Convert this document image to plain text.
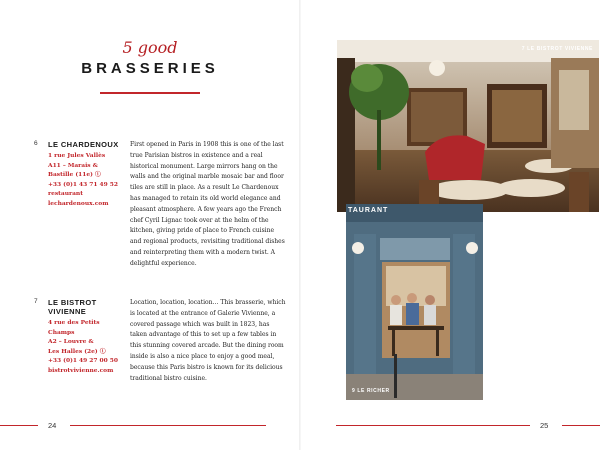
5 good
BRASSERIES
6 LE CHARDENOUX
1 rue Jules Vallès
A11 – Marais &
Bastille (11e) ⓘ
+33 (0)1 43 71 49 52
restaurant
lechardenoux.com
First opened in Paris in 1908 this is one of the last true Parisian bistros in existence and a real historical monument. Large mirrors hang on the walls and the original marble mosaic bar and floor tiles are still in place. As a result Le Chardenoux has managed to retain its old world elegance and pleasant atmosphere. A few years ago the French chef Cyril Lignac took over at the helm of the kitchen, giving pride of place to French cuisine and regional products, revisiting traditional dishes and reinterpreting them with a modern twist. A delightful experience.
7 LE BISTROT VIVIENNE
4 rue des Petits
Champs
A2 – Louvre &
Les Halles (2e) ⓘ
+33 (0)1 49 27 00 50
bistrotvivienne.com
Location, location, location… This brasserie, which is located at the entrance of Galerie Vivienne, a covered passage which was built in 1823, has taken advantage of this to set up a few tables in this stunning covered arcade. But the dining room inside is also a nice place to enjoy a good meal, because this Paris bistro is known for its delicious traditional bistro cuisine.
24
7 LE BISTROT VIVIENNE
TAURANT
9 LE RICHER
25
